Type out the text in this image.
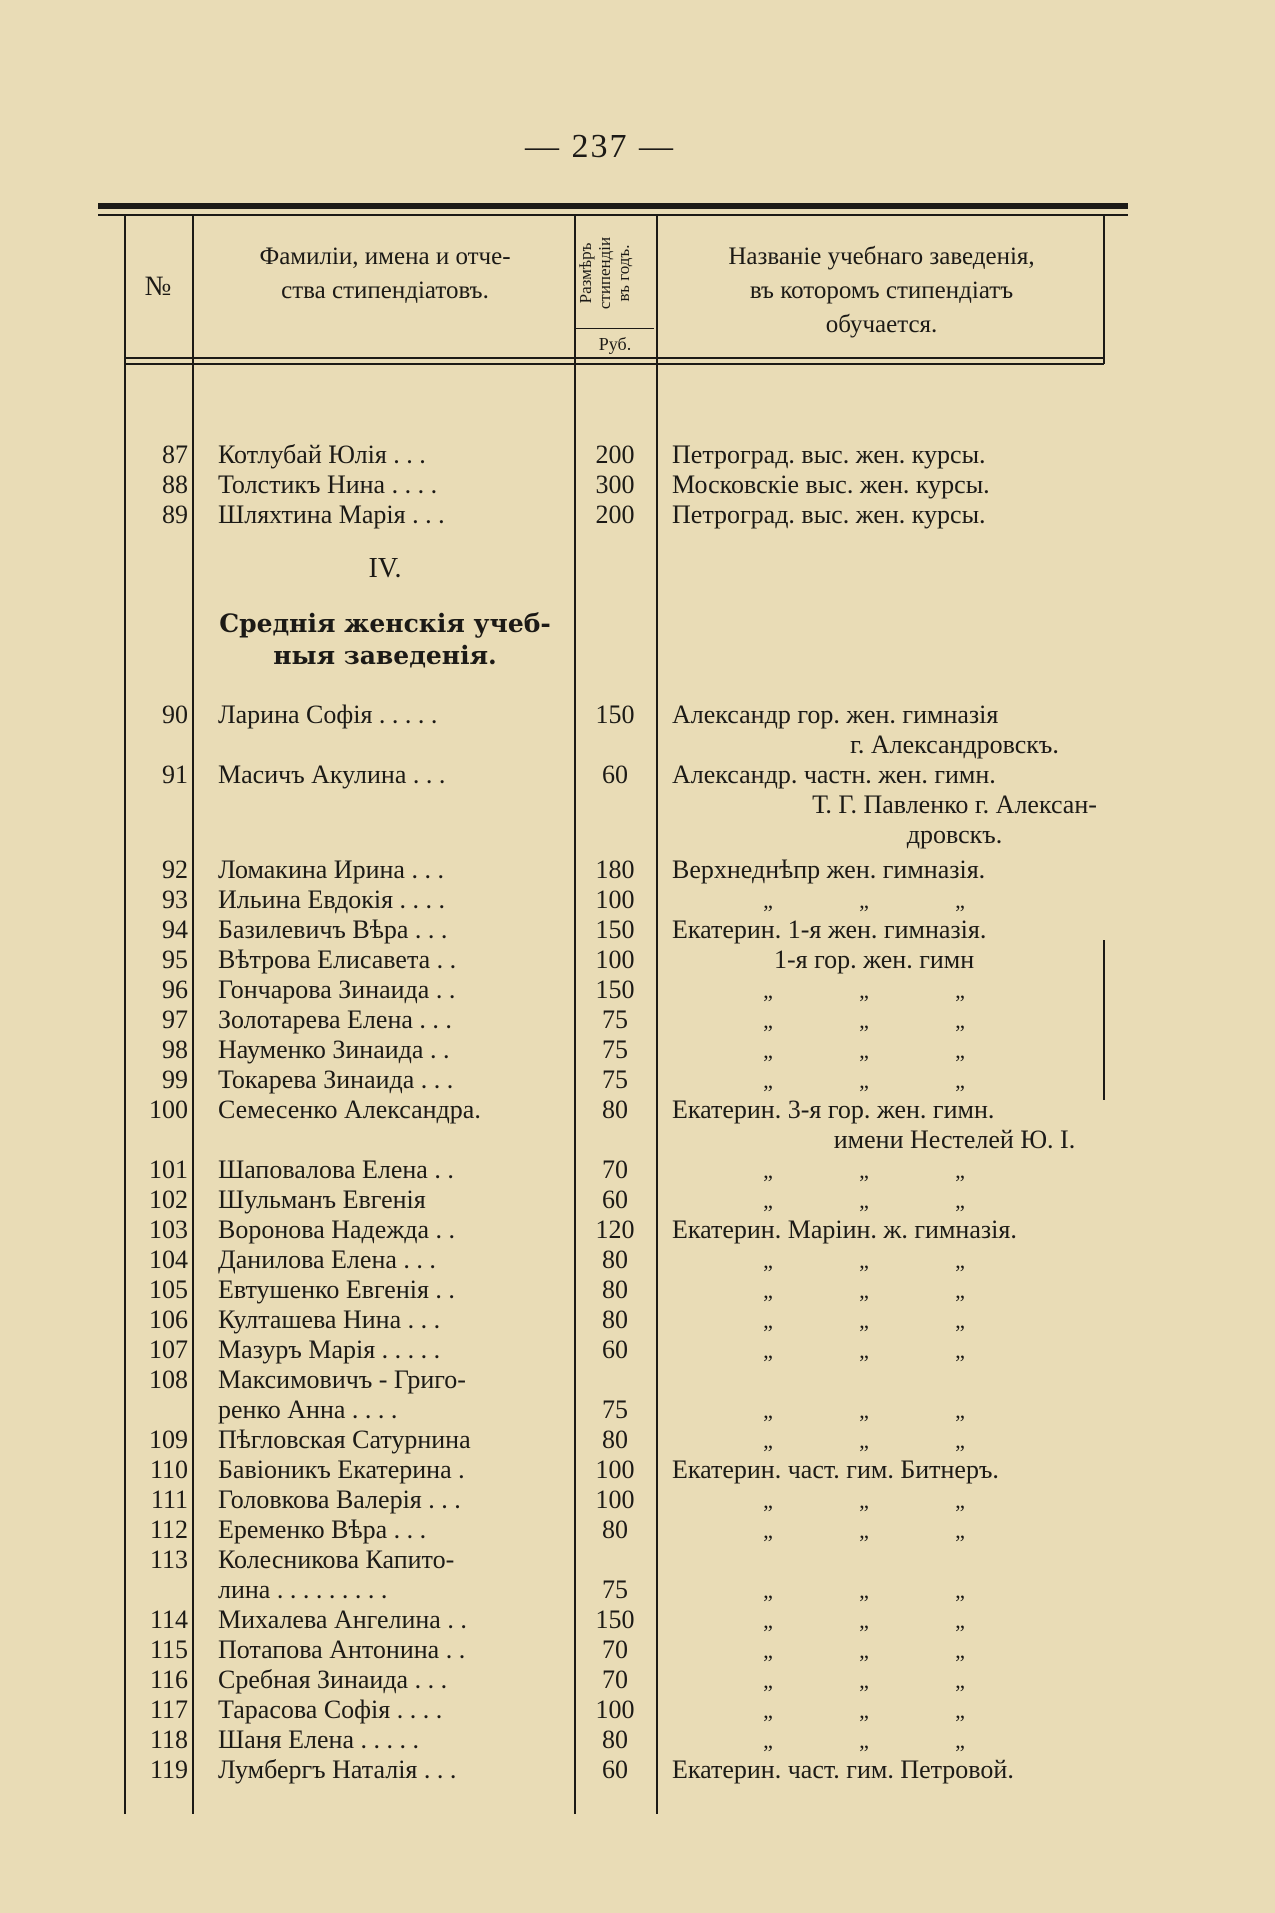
— 237 —
№
Фамиліи, имена и отче-
ства стипендіатовъ.	Размѣръ стипендіи въ годъ.
Руб.
Названіе учебнаго заведенія,
въ которомъ стипендіатъ
обучается.
IV.
Среднія женскія учеб-
ныя заведенія.
87 Котлубай Юлія . . .	200	Петроград. выс. жен. курсы.
88 Толстикъ Нина . . . .	300	Московскіе выс. жен. курсы.
89 Шляхтина Марія . . .	200	Петроград. выс. жен. курсы.
90 Ларина Софія . . . . .	150	Александр гор. жен. гимназія
г. Александровскъ.
91 Масичъ Акулина . . .	60	Александр. частн. жен. гимн.
Т. Г. Павленко г. Алексан-
дровскъ.
92 Ломакина Ирина . . .	180	Верхнеднѣпр жен. гимназія.
93 Ильина Евдокія . . . .	100	„	„	„
94 Базилевичъ Вѣра . . .	150	Екатерин. 1-я жен. гимназія.
95 Вѣтрова Елисавета . .	100	1-я гор. жен. гимн
96 Гончарова Зинаида . .	150	„	„	„
97 Золотарева Елена . . .	75	„	„	„
98 Науменко Зинаида . .	75	„	„	„
99 Токарева Зинаида . . .	75	„	„	„
100 Семесенко Александра.	80	Екатерин. 3-я гор. жен. гимн.
имени Нестелей Ю. І.
101 Шаповалова Елена . .	70	„	„	„
102 Шульманъ Евгенія	60	„	„	„
103 Воронова Надежда . .	120	Екатерин. Маріин. ж. гимназія.
104 Данилова Елена . . .	80	„	„	„
105 Евтушенко Евгенія . .	80	„	„	„
106 Култашева Нина . . .	80	„	„	„
107 Мазуръ Марія . . . . .	60	„	„	„
108 Максимовичъ - Григо-
ренко Анна . . . .	75	„	„	„
109 Пѣгловская Сатурнина	80	„	„	„
110 Бавіоникъ Екатерина .	100	Екатерин. част. гим. Битнеръ.
111 Головкова Валерія . . .	100	„	„	„
112 Еременко Вѣра . . .	80	„	„	„
113 Колесникова Капито-
лина . . . . . . . . .	75	„	„	„
114 Михалева Ангелина . .	150	„	„	„
115 Потапова Антонина . .	70	„	„	„
116 Сребная Зинаида . . .	70	„	„	„
117 Тарасова Софія . . . .	100	„	„	„
118 Шаня Елена . . . . .	80	„	„	„
119 Лумбергъ Наталія . . .	60	Екатерин. част. гим. Петровой.
